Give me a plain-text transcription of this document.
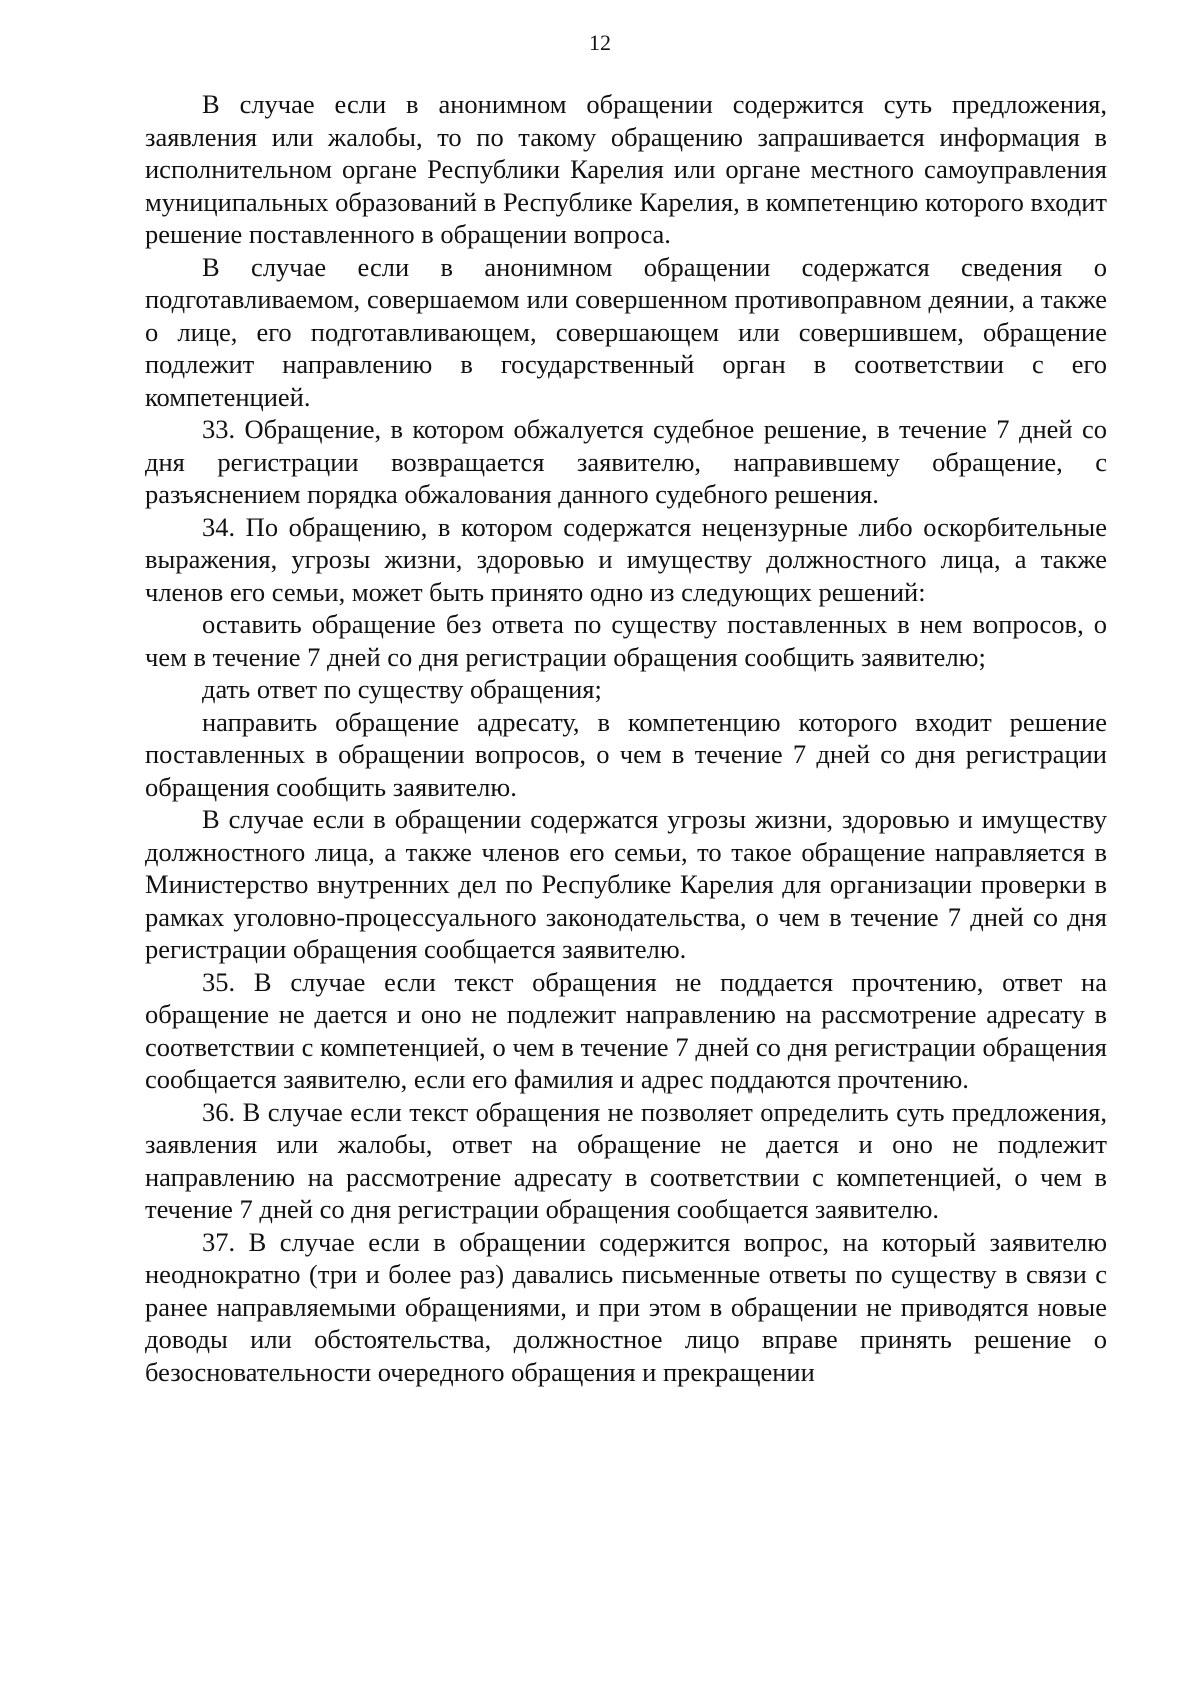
12

В случае если в анонимном обращении содержится суть предложения, заявления или жалобы, то по такому обращению запрашивается информация в исполнительном органе Республики Карелия или органе местного самоуправления муниципальных образований в Республике Карелия, в компетенцию которого входит решение поставленного в обращении вопроса.

В случае если в анонимном обращении содержатся сведения о подготавливаемом, совершаемом или совершенном противоправном деянии, а также о лице, его подготавливающем, совершающем или совершившем, обращение подлежит направлению в государственный орган в соответствии с его компетенцией.

33. Обращение, в котором обжалуется судебное решение, в течение 7 дней со дня регистрации возвращается заявителю, направившему обращение, с разъяснением порядка обжалования данного судебного решения.

34. По обращению, в котором содержатся нецензурные либо оскорбительные выражения, угрозы жизни, здоровью и имуществу должностного лица, а также членов его семьи, может быть принято одно из следующих решений:

оставить обращение без ответа по существу поставленных в нем вопросов, о чем в течение 7 дней со дня регистрации обращения сообщить заявителю;

дать ответ по существу обращения;

направить обращение адресату, в компетенцию которого входит решение поставленных в обращении вопросов, о чем в течение 7 дней со дня регистрации обращения сообщить заявителю.

В случае если в обращении содержатся угрозы жизни, здоровью и имуществу должностного лица, а также членов его семьи, то такое обращение направляется в Министерство внутренних дел по Республике Карелия для организации проверки в рамках уголовно-процессуального законодательства, о чем в течение 7 дней со дня регистрации обращения сообщается заявителю.

35. В случае если текст обращения не поддается прочтению, ответ на обращение не дается и оно не подлежит направлению на рассмотрение адресату в соответствии с компетенцией, о чем в течение 7 дней со дня регистрации обращения сообщается заявителю, если его фамилия и адрес поддаются прочтению.

36. В случае если текст обращения не позволяет определить суть предложения, заявления или жалобы, ответ на обращение не дается и оно не подлежит направлению на рассмотрение адресату в соответствии с компетенцией, о чем в течение 7 дней со дня регистрации обращения сообщается заявителю.

37. В случае если в обращении содержится вопрос, на который заявителю неоднократно (три и более раз) давались письменные ответы по существу в связи с ранее направляемыми обращениями, и при этом в обращении не приводятся новые доводы или обстоятельства, должностное лицо вправе принять решение о безосновательности очередного обращения и прекращении
